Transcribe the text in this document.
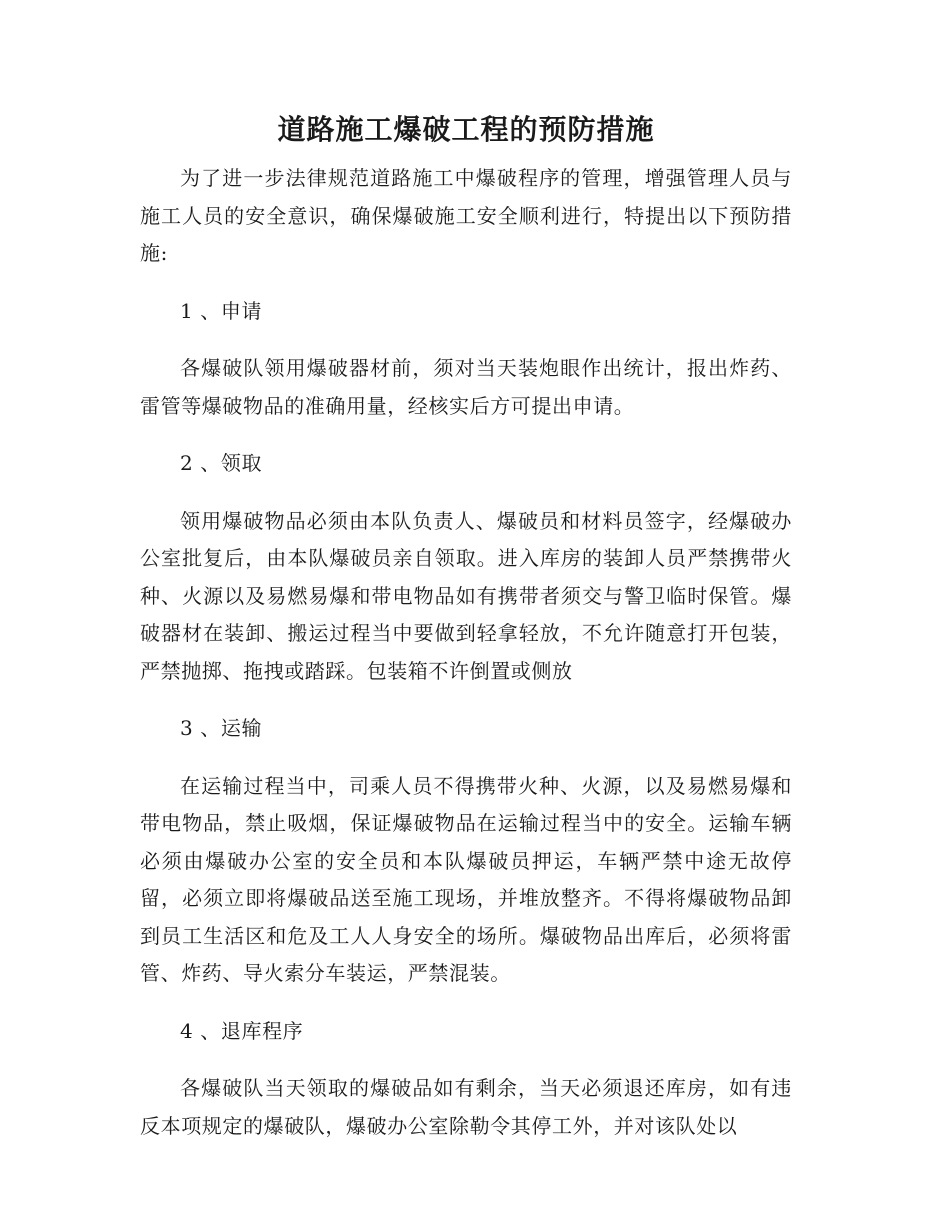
道路施工爆破工程的预防措施

为了进一步法律规范道路施工中爆破程序的管理，增强管理人员与施工人员的安全意识，确保爆破施工安全顺利进行，特提出以下预防措施:

1 、申请

各爆破队领用爆破器材前，须对当天装炮眼作出统计，报出炸药、雷管等爆破物品的准确用量，经核实后方可提出申请。

2 、领取

领用爆破物品必须由本队负责人、爆破员和材料员签字，经爆破办公室批复后，由本队爆破员亲自领取。进入库房的装卸人员严禁携带火种、火源以及易燃易爆和带电物品如有携带者须交与警卫临时保管。爆破器材在装卸、搬运过程当中要做到轻拿轻放，不允许随意打开包装，严禁抛掷、拖拽或踏踩。包装箱不许倒置或侧放

3 、运输

在运输过程当中，司乘人员不得携带火种、火源，以及易燃易爆和带电物品，禁止吸烟，保证爆破物品在运输过程当中的安全。运输车辆必须由爆破办公室的安全员和本队爆破员押运，车辆严禁中途无故停留，必须立即将爆破品送至施工现场，并堆放整齐。不得将爆破物品卸到员工生活区和危及工人人身安全的场所。爆破物品出库后，必须将雷管、炸药、导火索分车装运，严禁混装。

4 、退库程序

各爆破队当天领取的爆破品如有剩余，当天必须退还库房，如有违反本项规定的爆破队，爆破办公室除勒令其停工外，并对该队处以
